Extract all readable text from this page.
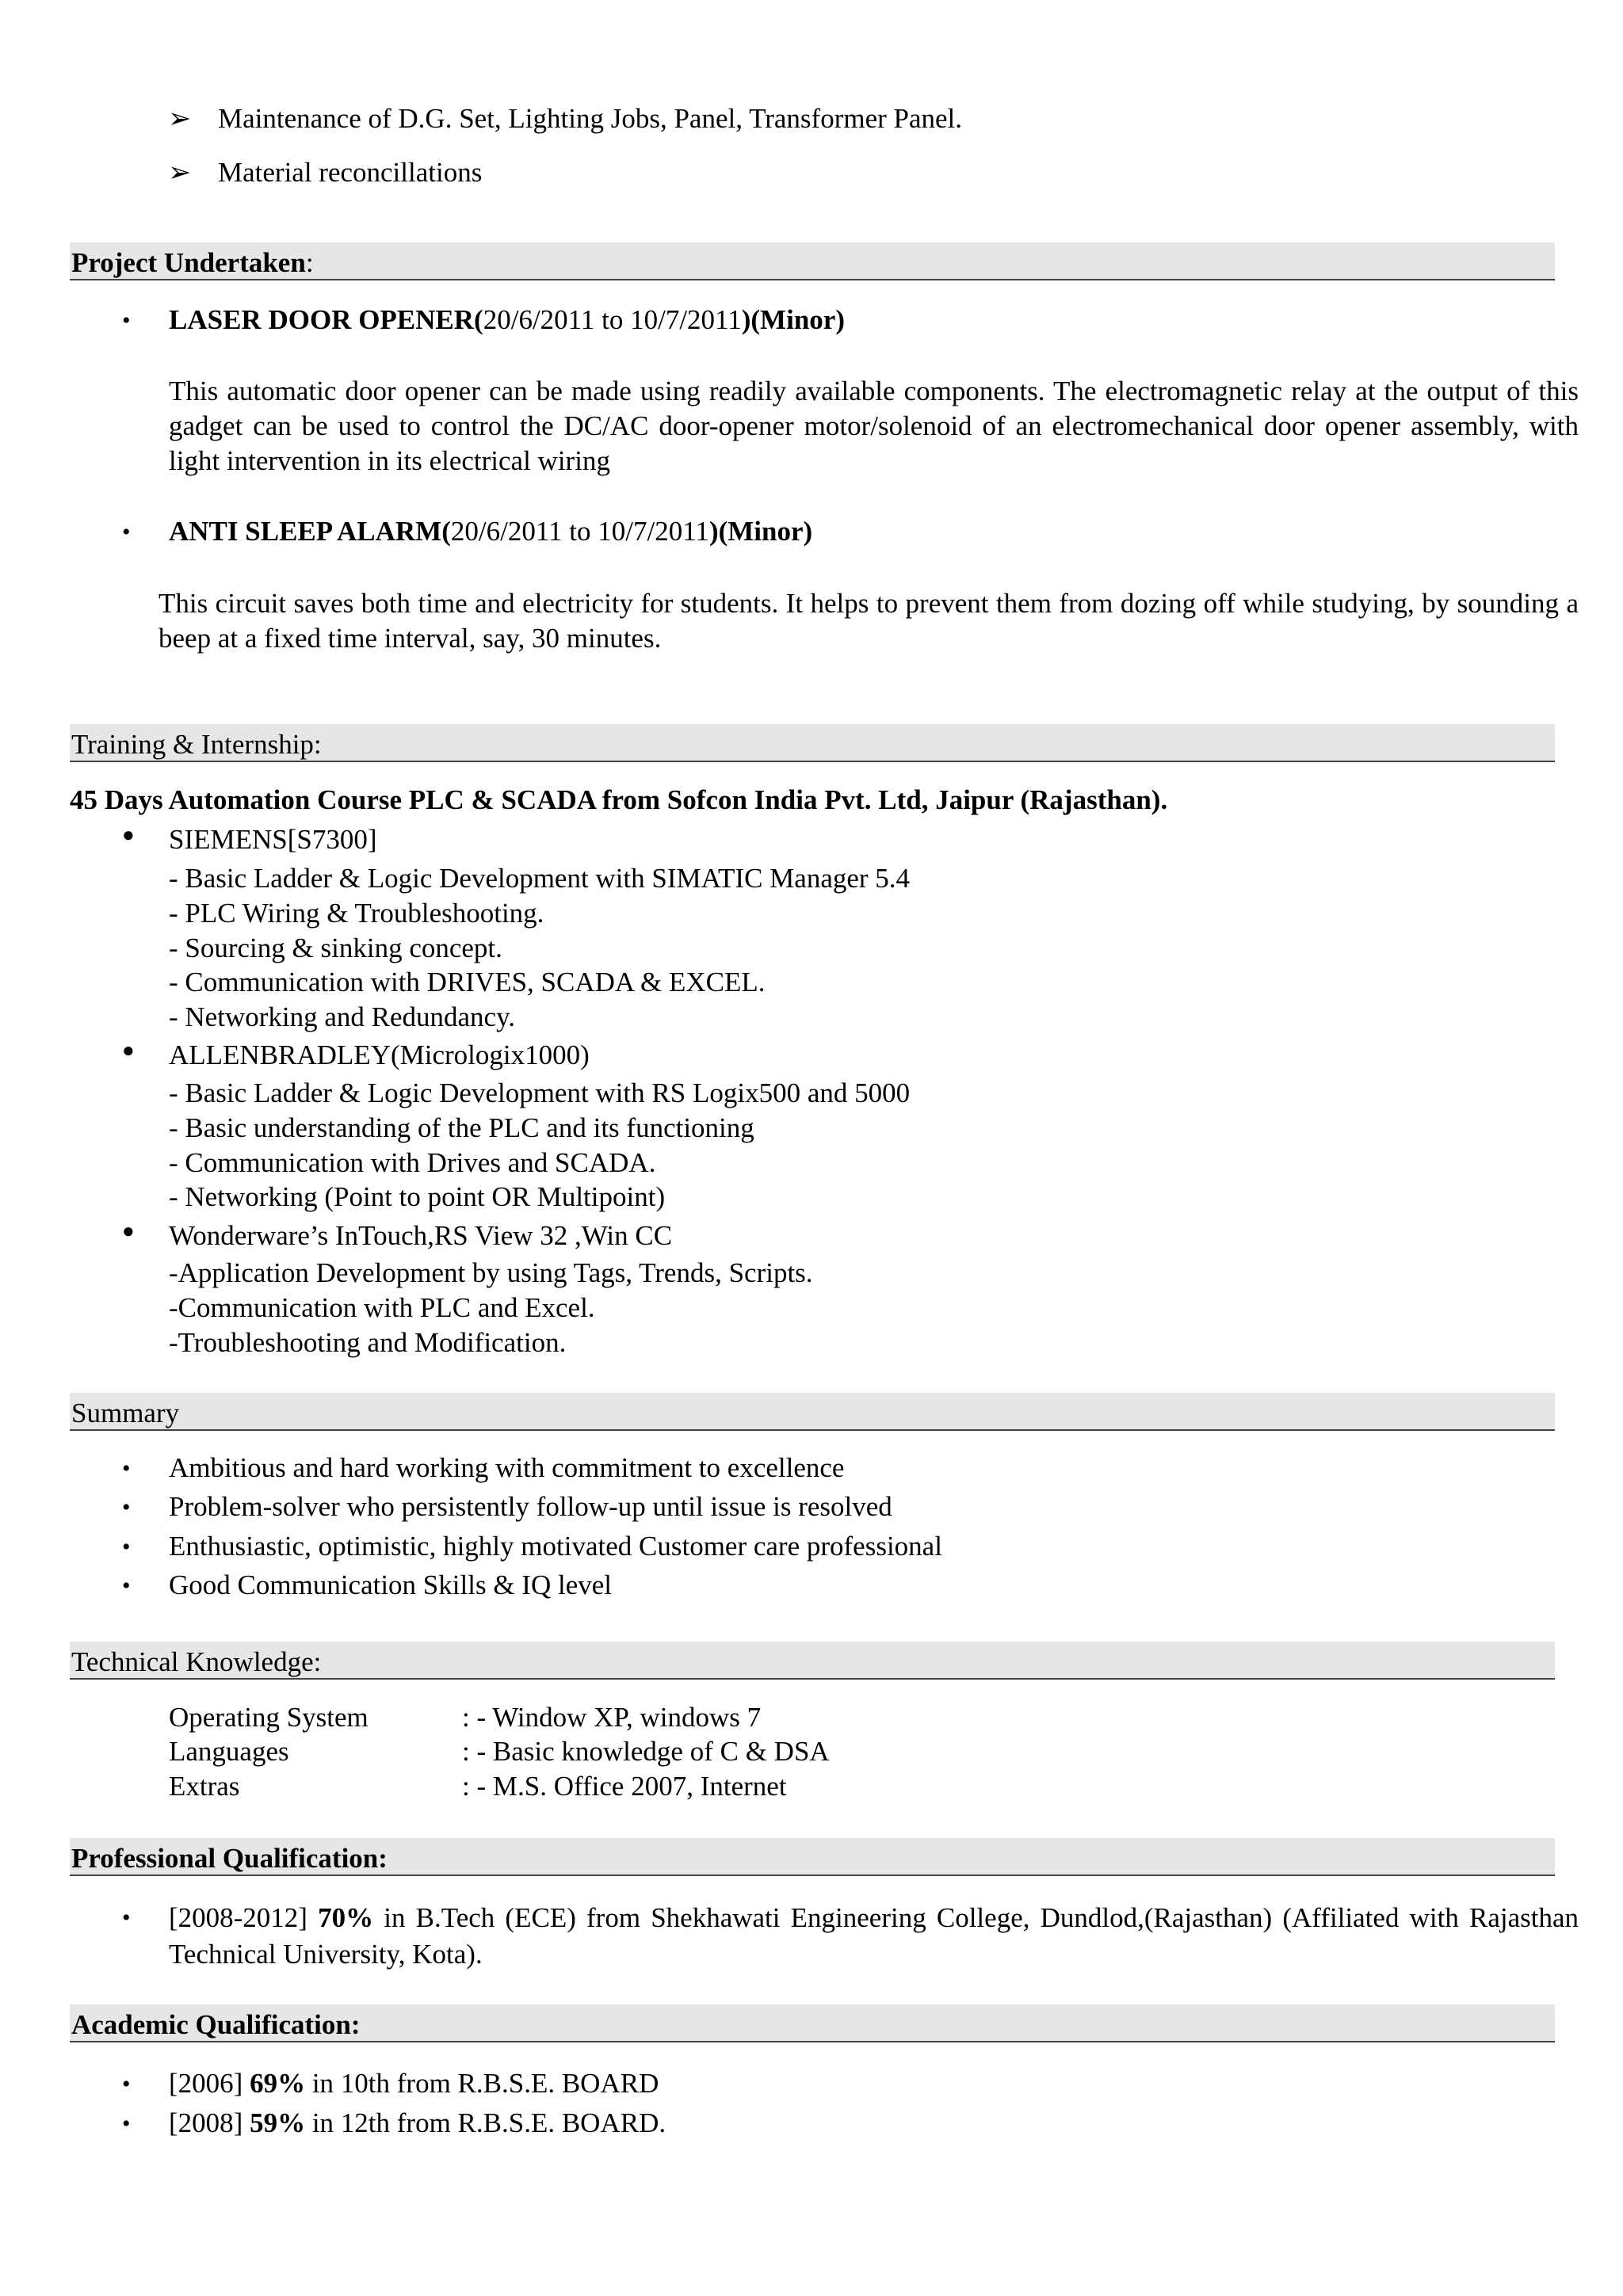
➢ Maintenance of D.G. Set, Lighting Jobs, Panel, Transformer Panel.
➢ Material reconcillations
Project Undertaken:
• LASER DOOR OPENER(20/6/2011 to 10/7/2011)(Minor)
This automatic door opener can be made using readily available components. The electromagnetic relay at the output of this gadget can be used to control the DC/AC door-opener motor/solenoid of an electromechanical door opener assembly, with light intervention in its electrical wiring
• ANTI SLEEP ALARM(20/6/2011 to 10/7/2011)(Minor)
This circuit saves both time and electricity for students. It helps to prevent them from dozing off while studying, by sounding a beep at a fixed time interval, say, 30 minutes.
Training & Internship:
45 Days Automation Course PLC & SCADA from Sofcon India Pvt. Ltd, Jaipur (Rajasthan).
● SIEMENS[S7300]
- Basic Ladder & Logic Development with SIMATIC Manager 5.4
- PLC Wiring & Troubleshooting.
- Sourcing & sinking concept.
- Communication with DRIVES, SCADA & EXCEL.
- Networking and Redundancy.
● ALLENBRADLEY(Micrologix1000)
- Basic Ladder & Logic Development with RS Logix500 and 5000
- Basic understanding of the PLC and its functioning
- Communication with Drives and SCADA.
- Networking (Point to point OR Multipoint)
● Wonderware’s InTouch,RS View 32 ,Win CC
-Application Development by using Tags, Trends, Scripts.
-Communication with PLC and Excel.
-Troubleshooting and Modification.
Summary
• Ambitious and hard working with commitment to excellence
• Problem-solver who persistently follow-up until issue is resolved
• Enthusiastic, optimistic, highly motivated Customer care professional
• Good Communication Skills & IQ level
Technical Knowledge:
Operating System	: - Window XP, windows 7
Languages	: - Basic knowledge of C & DSA
Extras	: - M.S. Office 2007, Internet
Professional Qualification:
• [2008-2012] 70% in B.Tech (ECE) from Shekhawati Engineering College, Dundlod,(Rajasthan) (Affiliated with Rajasthan Technical University, Kota).
Academic Qualification:
• [2006] 69% in 10th from R.B.S.E. BOARD
• [2008] 59% in 12th from R.B.S.E. BOARD.
